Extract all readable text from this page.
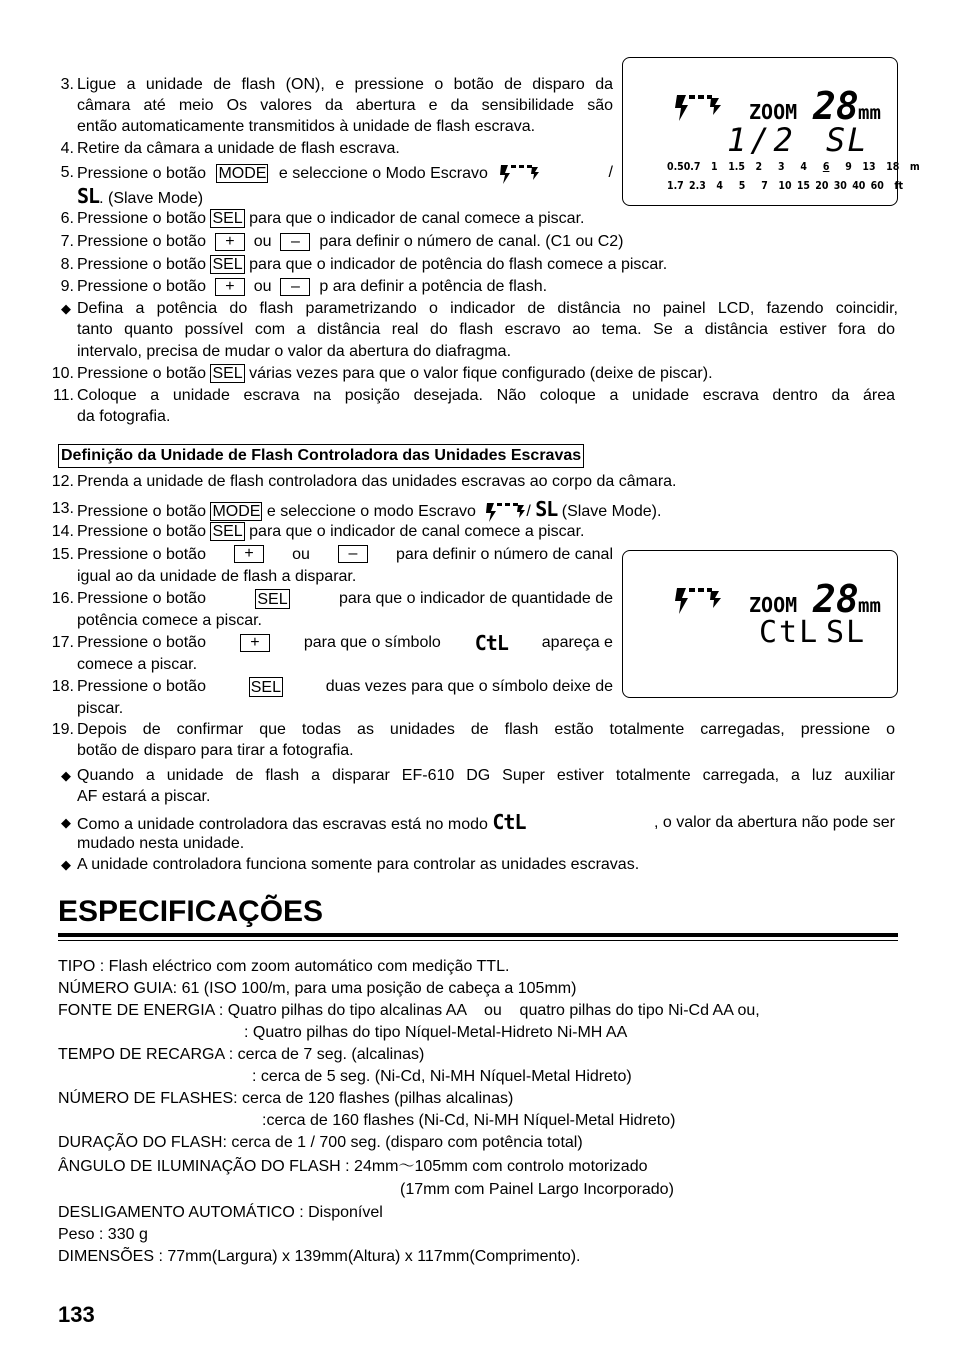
3. Ligue a unidade de flash (ON), e pressione o botão de disparo da
câmara até meio Os valores da abertura e da sensibilidade são
então automaticamente transmitidos à unidade de flash escrava.
4. Retire da câmara a unidade de flash escrava.
5. Pressione o botão MODE e seleccione o Modo Escravo	/
SL. (Slave Mode)
ZOOM 28 mm
1/2 SL
0.50.7 1 1.5 2 3 4 6 9 13 18 m
1.7 2.3 4 5 7 10 15 20 30 40 60 ft
6. Pressione o botão SEL para que o indicador de canal comece a piscar.
7. Pressione o botão + ou – para definir o número de canal. (C1 ou C2)
8. Pressione o botão SEL para que o indicador de potência do flash comece a piscar.
9. Pressione o botão + ou – p ara definir a potência de flash.
◆ Defina a potência do flash parametrizando o indicador de distância no painel LCD, fazendo coincidir,
tanto quanto possível com a distância real do flash escravo ao tema. Se a distância estiver fora do
intervalo, precisa de mudar o valor da abertura do diafragma.
10. Pressione o botão SEL várias vezes para que o valor fique configurado (deixe de piscar).
11. Coloque a unidade escrava na posição desejada. Não coloque a unidade escrava dentro da área
da fotografia.
Definição da Unidade de Flash Controladora das Unidades Escravas
12. Prenda a unidade de flash controladora das unidades escravas ao corpo da câmara.
13. Pressione o botão MODE e seleccione o modo Escravo	/ SL (Slave Mode).
14. Pressione o botão SEL para que o indicador de canal comece a piscar.
15. Pressione o botão	+	ou	–	para definir o número de canal
igual ao da unidade de flash a disparar.
16. Pressione o botão	SEL	para que o indicador de quantidade de
potência comece a piscar.
17. Pressione o botão	+	para que o símbolo CtL apareça e
comece a piscar.
18. Pressione o botão	SEL	duas vezes para que o símbolo deixe de
piscar.
ZOOM 28 mm
CtL SL
19. Depois de confirmar que todas as unidades de flash estão totalmente carregadas, pressione o
botão de disparo para tirar a fotografia.
◆ Quando a unidade de flash a disparar EF-610 DG Super estiver totalmente carregada, a luz auxiliar
AF estará a piscar.
◆ Como a unidade controladora das escravas está no modo CtL	, o valor da abertura não pode ser
mudado nesta unidade.
◆ A unidade controladora funciona somente para controlar as unidades escravas.
ESPECIFICAÇÕES
TIPO : Flash eléctrico com zoom automático com medição TTL.
NÚMERO GUIA: 61 (ISO 100/m, para uma posição de cabeça a 105mm)
FONTE DE ENERGIA : Quatro pilhas do tipo alcalinas AA    ou    quatro pilhas do tipo Ni-Cd AA ou,
: Quatro pilhas do tipo Níquel-Metal-Hidreto Ni-MH AA
TEMPO DE RECARGA : cerca de 7 seg. (alcalinas)
: cerca de 5 seg. (Ni-Cd, Ni-MH Níquel-Metal Hidreto)
NÚMERO DE FLASHES: cerca de 120 flashes (pilhas alcalinas)
:cerca de 160 flashes (Ni-Cd, Ni-MH Níquel-Metal Hidreto)
DURAÇÃO DO FLASH: cerca de 1 / 700 seg. (disparo com potência total)
ÂNGULO DE ILUMINAÇÃO DO FLASH : 24mm～105mm com controlo motorizado
(17mm com Painel Largo Incorporado)
DESLIGAMENTO AUTOMÁTICO : Disponível
Peso : 330 g
DIMENSÕES : 77mm(Largura) x 139mm(Altura) x 117mm(Comprimento).
133
